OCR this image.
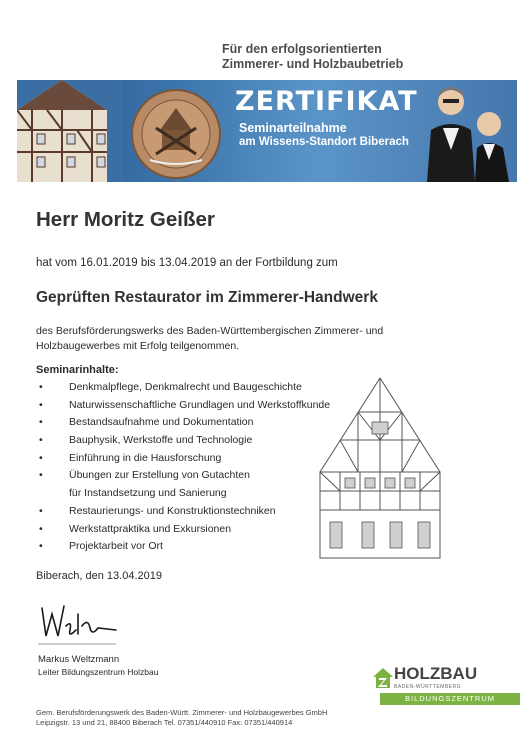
Für den erfolgsorientierten
Zimmerer- und Holzbaubetrieb
ZERTIFIKAT
Seminarteilnahme
am Wissens-Standort Biberach
Herr Moritz Geißer
hat vom 16.01.2019 bis 13.04.2019 an der Fortbildung zum
Geprüften Restaurator im Zimmerer-Handwerk
des Berufsförderungswerks des Baden-Württembergischen Zimmerer- und Holzbaugewerbes mit Erfolg teilgenommen.
Seminarinhalte:
•	Denkmalpflege, Denkmalrecht und Baugeschichte
•	Naturwissenschaftliche Grundlagen und Werkstoffkunde
•	Bestandsaufnahme und Dokumentation
•	Bauphysik, Werkstoffe und Technologie
•	Einführung in die Hausforschung
•	Übungen zur Erstellung von Gutachten
für Instandsetzung und Sanierung
•	Restaurierungs- und Konstruktionstechniken
•	Werkstattpraktika und Exkursionen
•	Projektarbeit vor Ort
Biberach, den 13.04.2019
Markus Weltzmann
Leiter Bildungszentrum Holzbau	HOLZBAU
BADEN-WÜRTTEMBERG
BILDUNGSZENTRUM
Gem. Berufsförderungswerk des Baden-Württ. Zimmerer- und Holzbaugewerbes GmbH
Leipzigstr. 13 und 21, 88400 Biberach Tel. 07351/440910 Fax: 07351/440914
